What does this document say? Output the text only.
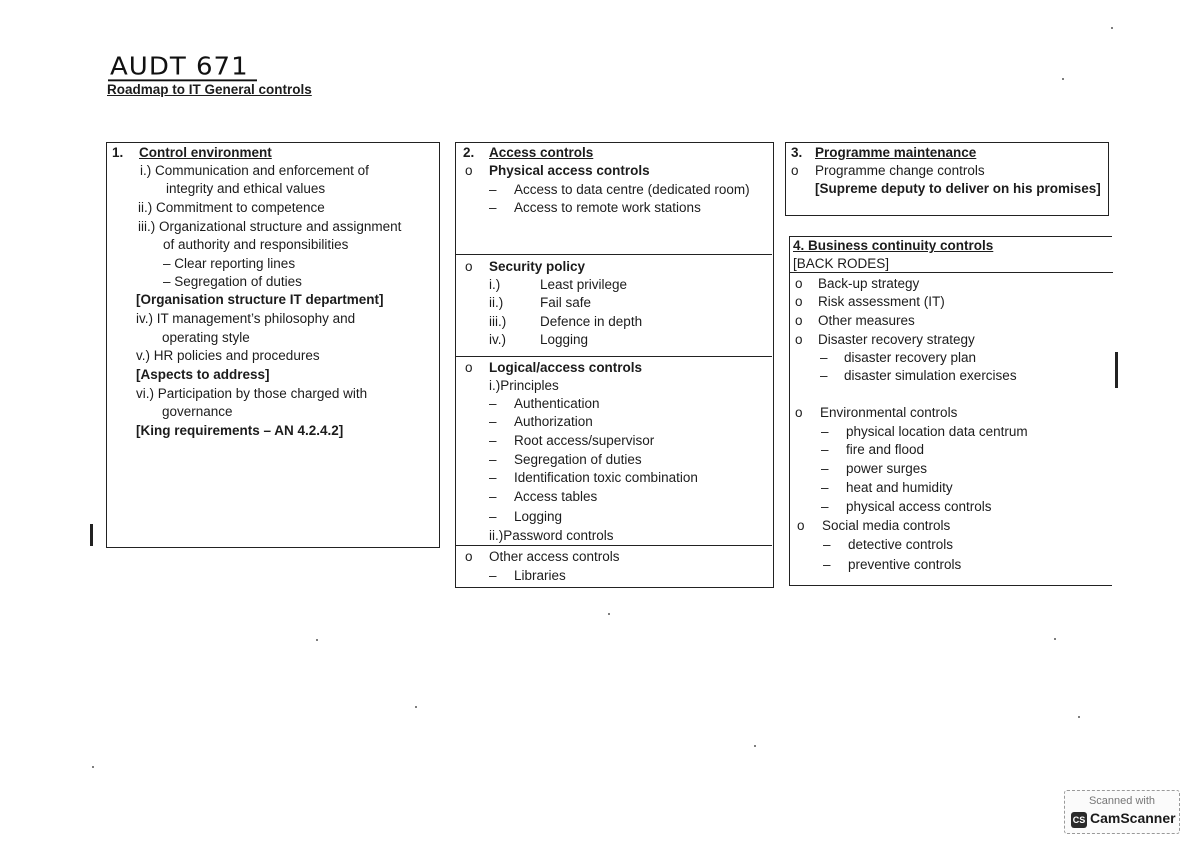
AUDT 671
Roadmap to IT General controls
1. Control environment
i.) Communication and enforcement of
integrity and ethical values
ii.) Commitment to competence
iii.) Organizational structure and assignment
of authority and responsibilities
– Clear reporting lines
– Segregation of duties
[Organisation structure IT department]
iv.) IT management’s philosophy and
operating style
v.) HR policies and procedures
[Aspects to address]
vi.) Participation by those charged with
governance
[King requirements – AN 4.2.4.2]
2. Access controls
o Physical access controls
– Access to data centre (dedicated room)
– Access to remote work stations
o Security policy
i.)	Least privilege
ii.)	Fail safe
iii.)	Defence in depth
iv.)	Logging
o Logical/access controls
i.)Principles
– Authentication
– Authorization
– Root access/supervisor
– Segregation of duties
– Identification toxic combination
– Access tables
– Logging
ii.)Password controls
o Other access controls
– Libraries
3. Programme maintenance
o Programme change controls
[Supreme deputy to deliver on his promises]
4. Business continuity controls
[BACK RODES]
o Back-up strategy
o Risk assessment (IT)
o Other measures
o Disaster recovery strategy
– disaster recovery plan
– disaster simulation exercises
o Environmental controls
– physical location data centrum
– fire and flood
– power surges
– heat and humidity
– physical access controls
o Social media controls
– detective controls
– preventive controls
Scanned with
CS CamScanner
